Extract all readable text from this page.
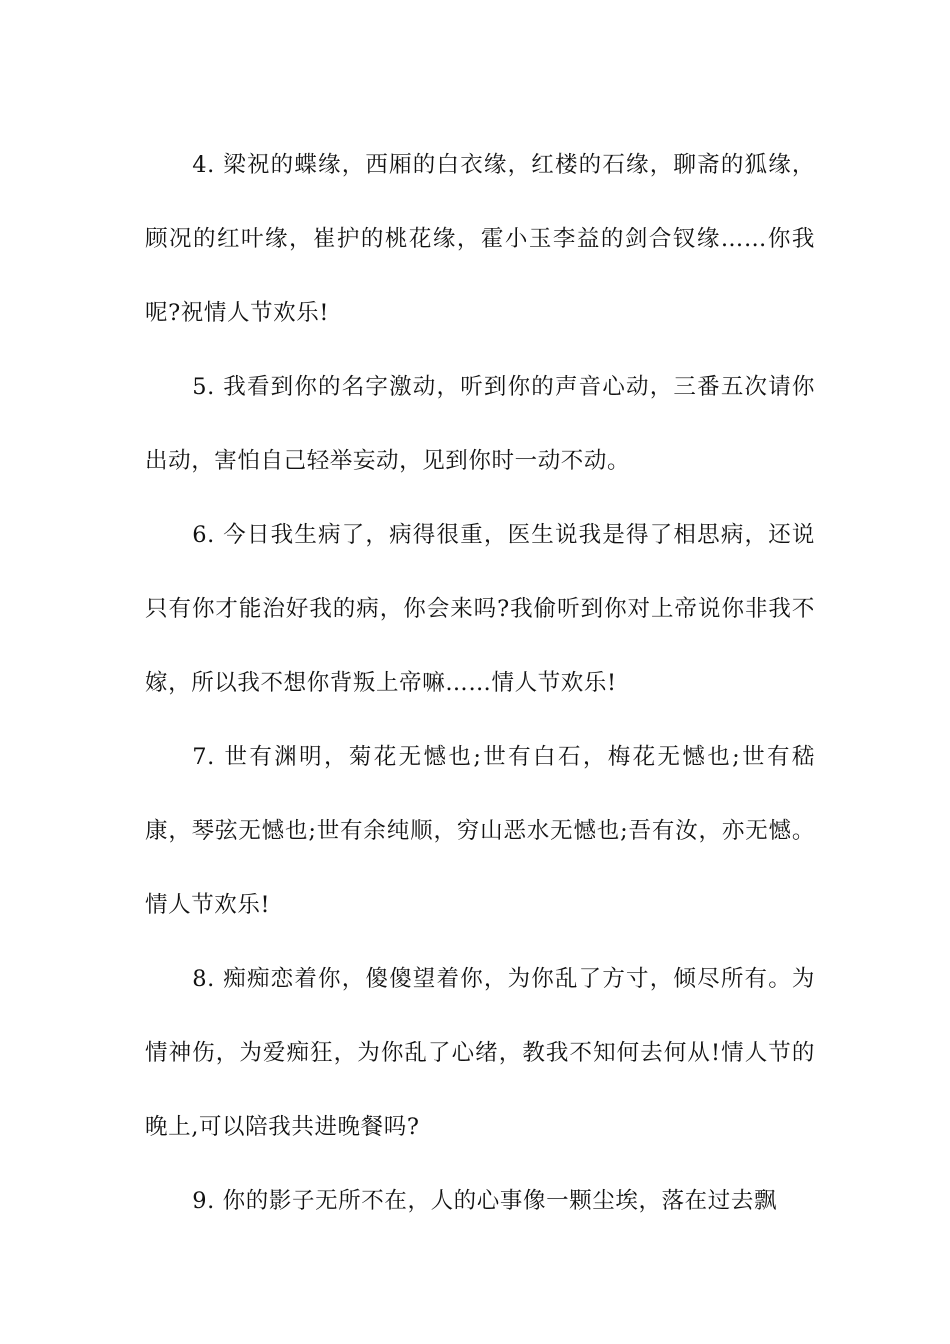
4. 梁祝的蝶缘，西厢的白衣缘，红楼的石缘，聊斋的狐缘，顾况的红叶缘，崔护的桃花缘，霍小玉李益的剑合钗缘……你我呢?祝情人节欢乐!

5. 我看到你的名字激动，听到你的声音心动，三番五次请你出动，害怕自己轻举妄动，见到你时一动不动。

6. 今日我生病了，病得很重，医生说我是得了相思病，还说只有你才能治好我的病，你会来吗?我偷听到你对上帝说你非我不嫁，所以我不想你背叛上帝嘛……情人节欢乐!

7. 世有渊明，菊花无憾也;世有白石，梅花无憾也;世有嵇康，琴弦无憾也;世有余纯顺，穷山恶水无憾也;吾有汝，亦无憾。情人节欢乐!

8. 痴痴恋着你，傻傻望着你，为你乱了方寸，倾尽所有。为情神伤，为爱痴狂，为你乱了心绪，教我不知何去何从!情人节的晚上,可以陪我共进晚餐吗?

9. 你的影子无所不在，人的心事像一颗尘埃，落在过去飘
